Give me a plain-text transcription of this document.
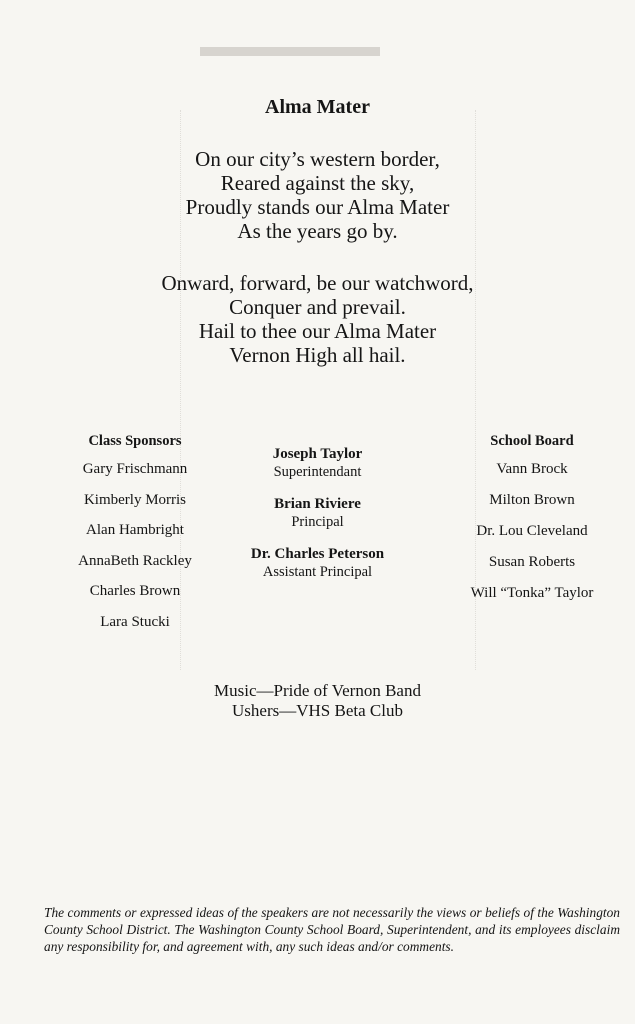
▬▬▬▬▬▬
Alma Mater
On our city’s western border,
Reared against the sky,
Proudly stands our Alma Mater
As the years go by.
Onward, forward, be our watchword,
Conquer and prevail.
Hail to thee our Alma Mater
Vernon High all hail.
Class Sponsors
Gary Frischmann
Kimberly Morris
Alan Hambright
AnnaBeth Rackley
Charles Brown
Lara Stucki
Joseph Taylor
Superintendant
Brian Riviere
Principal
Dr. Charles Peterson
Assistant Principal
School Board
Vann Brock
Milton Brown
Dr. Lou Cleveland
Susan Roberts
Will “Tonka” Taylor
Music—Pride of Vernon Band
Ushers—VHS Beta Club
The comments or expressed ideas of the speakers are not necessarily the views or beliefs of the Washington County School District. The Washington County School Board, Superintendent, and its employees disclaim any responsibility for, and agreement with, any such ideas and/or comments.
